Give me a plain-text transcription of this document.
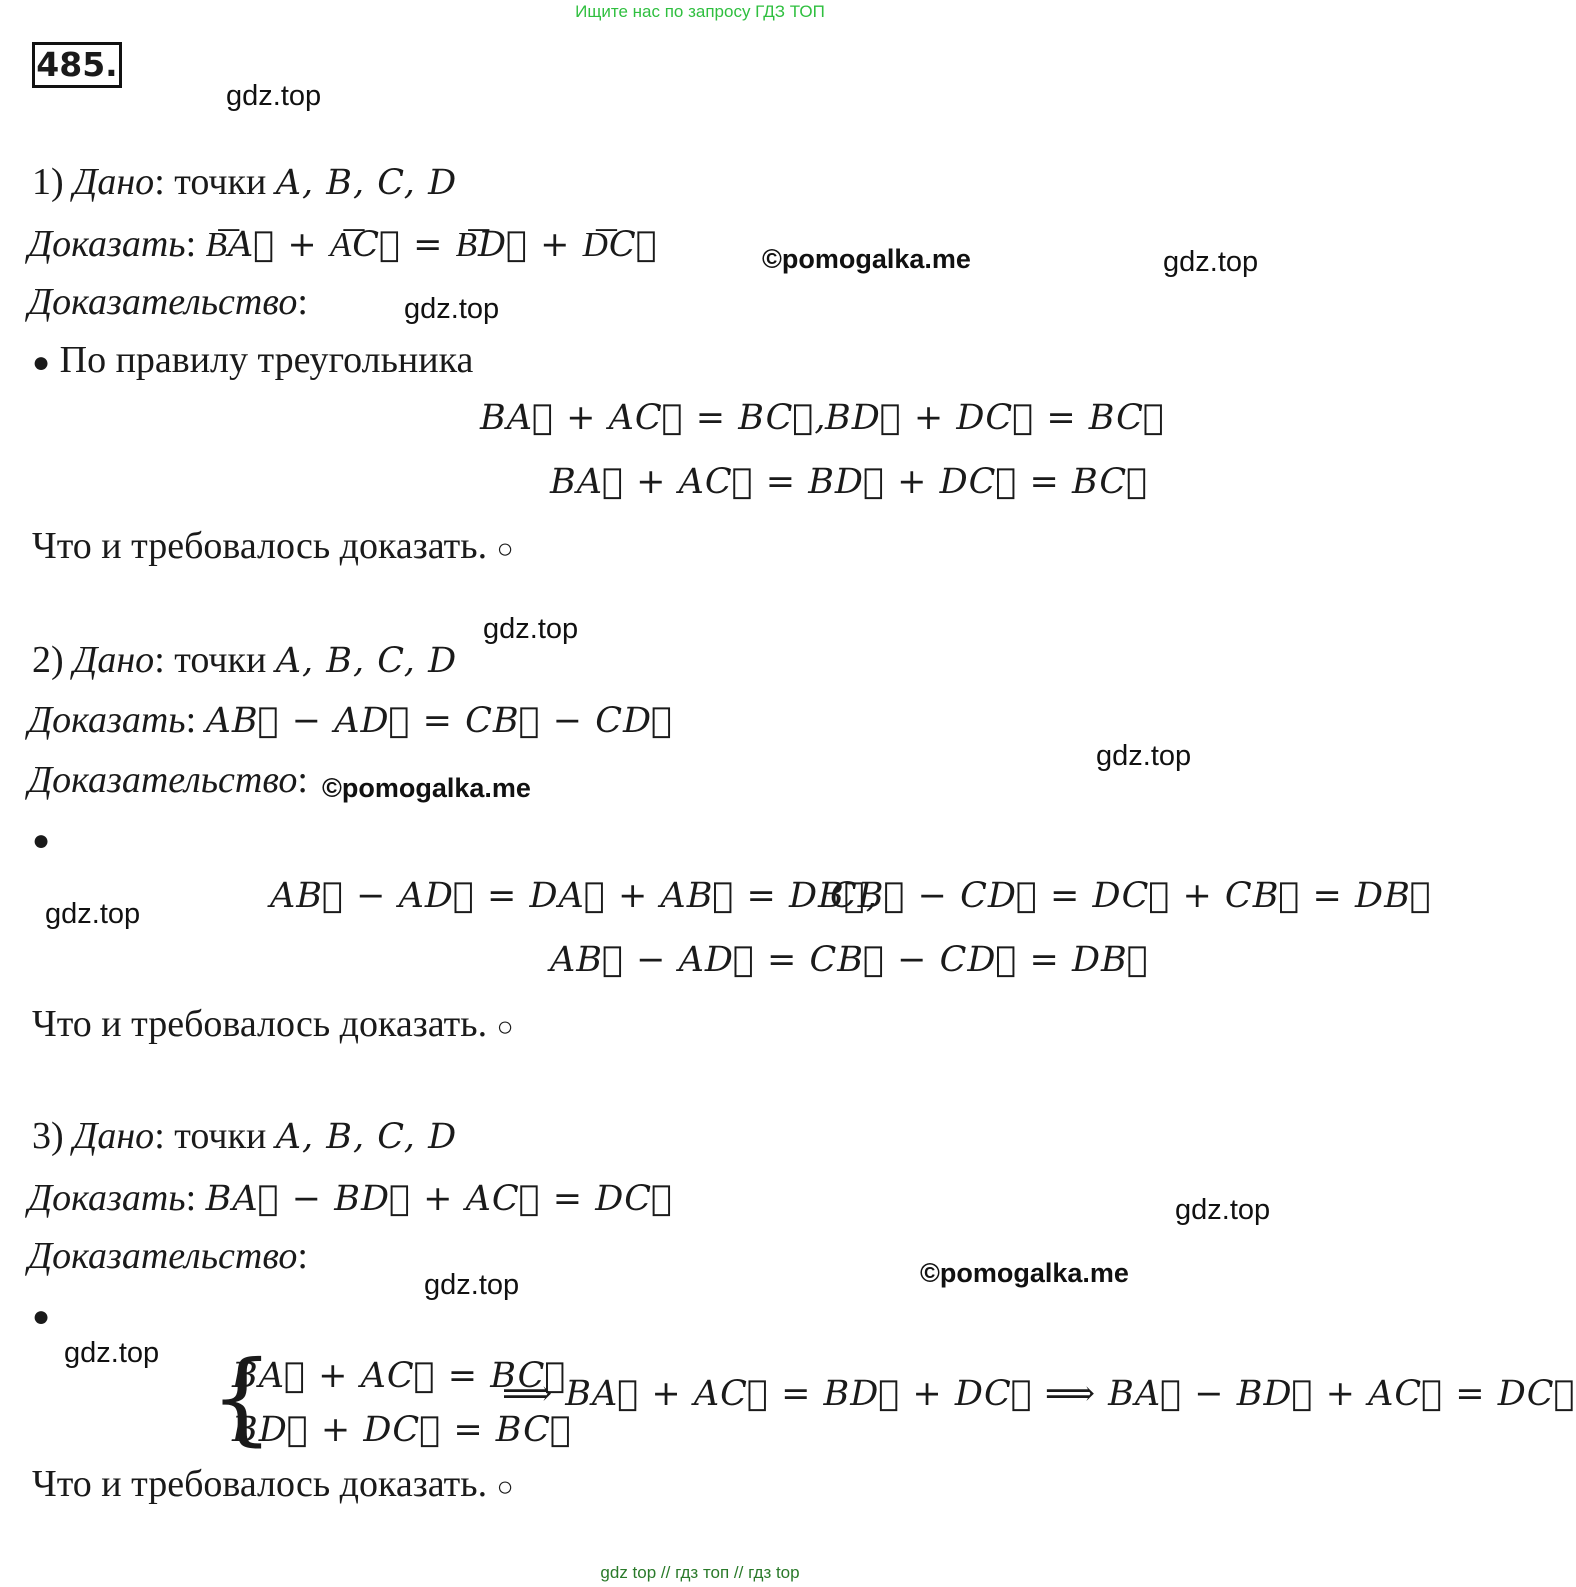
Ищите нас по запросу ГДЗ ТОП
485.
gdz.top
©pomogalka.me	gdz.top
gdz.top
gdz.top
gdz.top
©pomogalka.me
gdz.top
gdz.top
©pomogalka.me
gdz.top
gdz.top
1) Дано: точки A, B, C, D
Доказать: B͞A⃗ + A͞C⃗ = B͞D⃗ + D͞C⃗
Доказательство:
● По правилу треугольника
BA⃗ + AC⃗ = BC⃗,
BD⃗ + DC⃗ = BC⃗
BA⃗ + AC⃗ = BD⃗ + DC⃗ = BC⃗
Что и требовалось доказать. ○
2) Дано: точки A, B, C, D
Доказать: AB⃗ − AD⃗ = CB⃗ − CD⃗
Доказательство:
●
AB⃗ − AD⃗ = DA⃗ + AB⃗ = DB⃗,
CB⃗ − CD⃗ = DC⃗ + CB⃗ = DB⃗
AB⃗ − AD⃗ = CB⃗ − CD⃗ = DB⃗
Что и требовалось доказать. ○
3) Дано: точки A, B, C, D
Доказать: BA⃗ − BD⃗ + AC⃗ = DC⃗
Доказательство:
●
{
BA⃗ + AC⃗ = BC⃗
BD⃗ + DC⃗ = BC⃗
⟹ BA⃗ + AC⃗ = BD⃗ + DC⃗ ⟹ BA⃗ − BD⃗ + AC⃗ = DC⃗
Что и требовалось доказать. ○
gdz top // гдз топ // гдз top
